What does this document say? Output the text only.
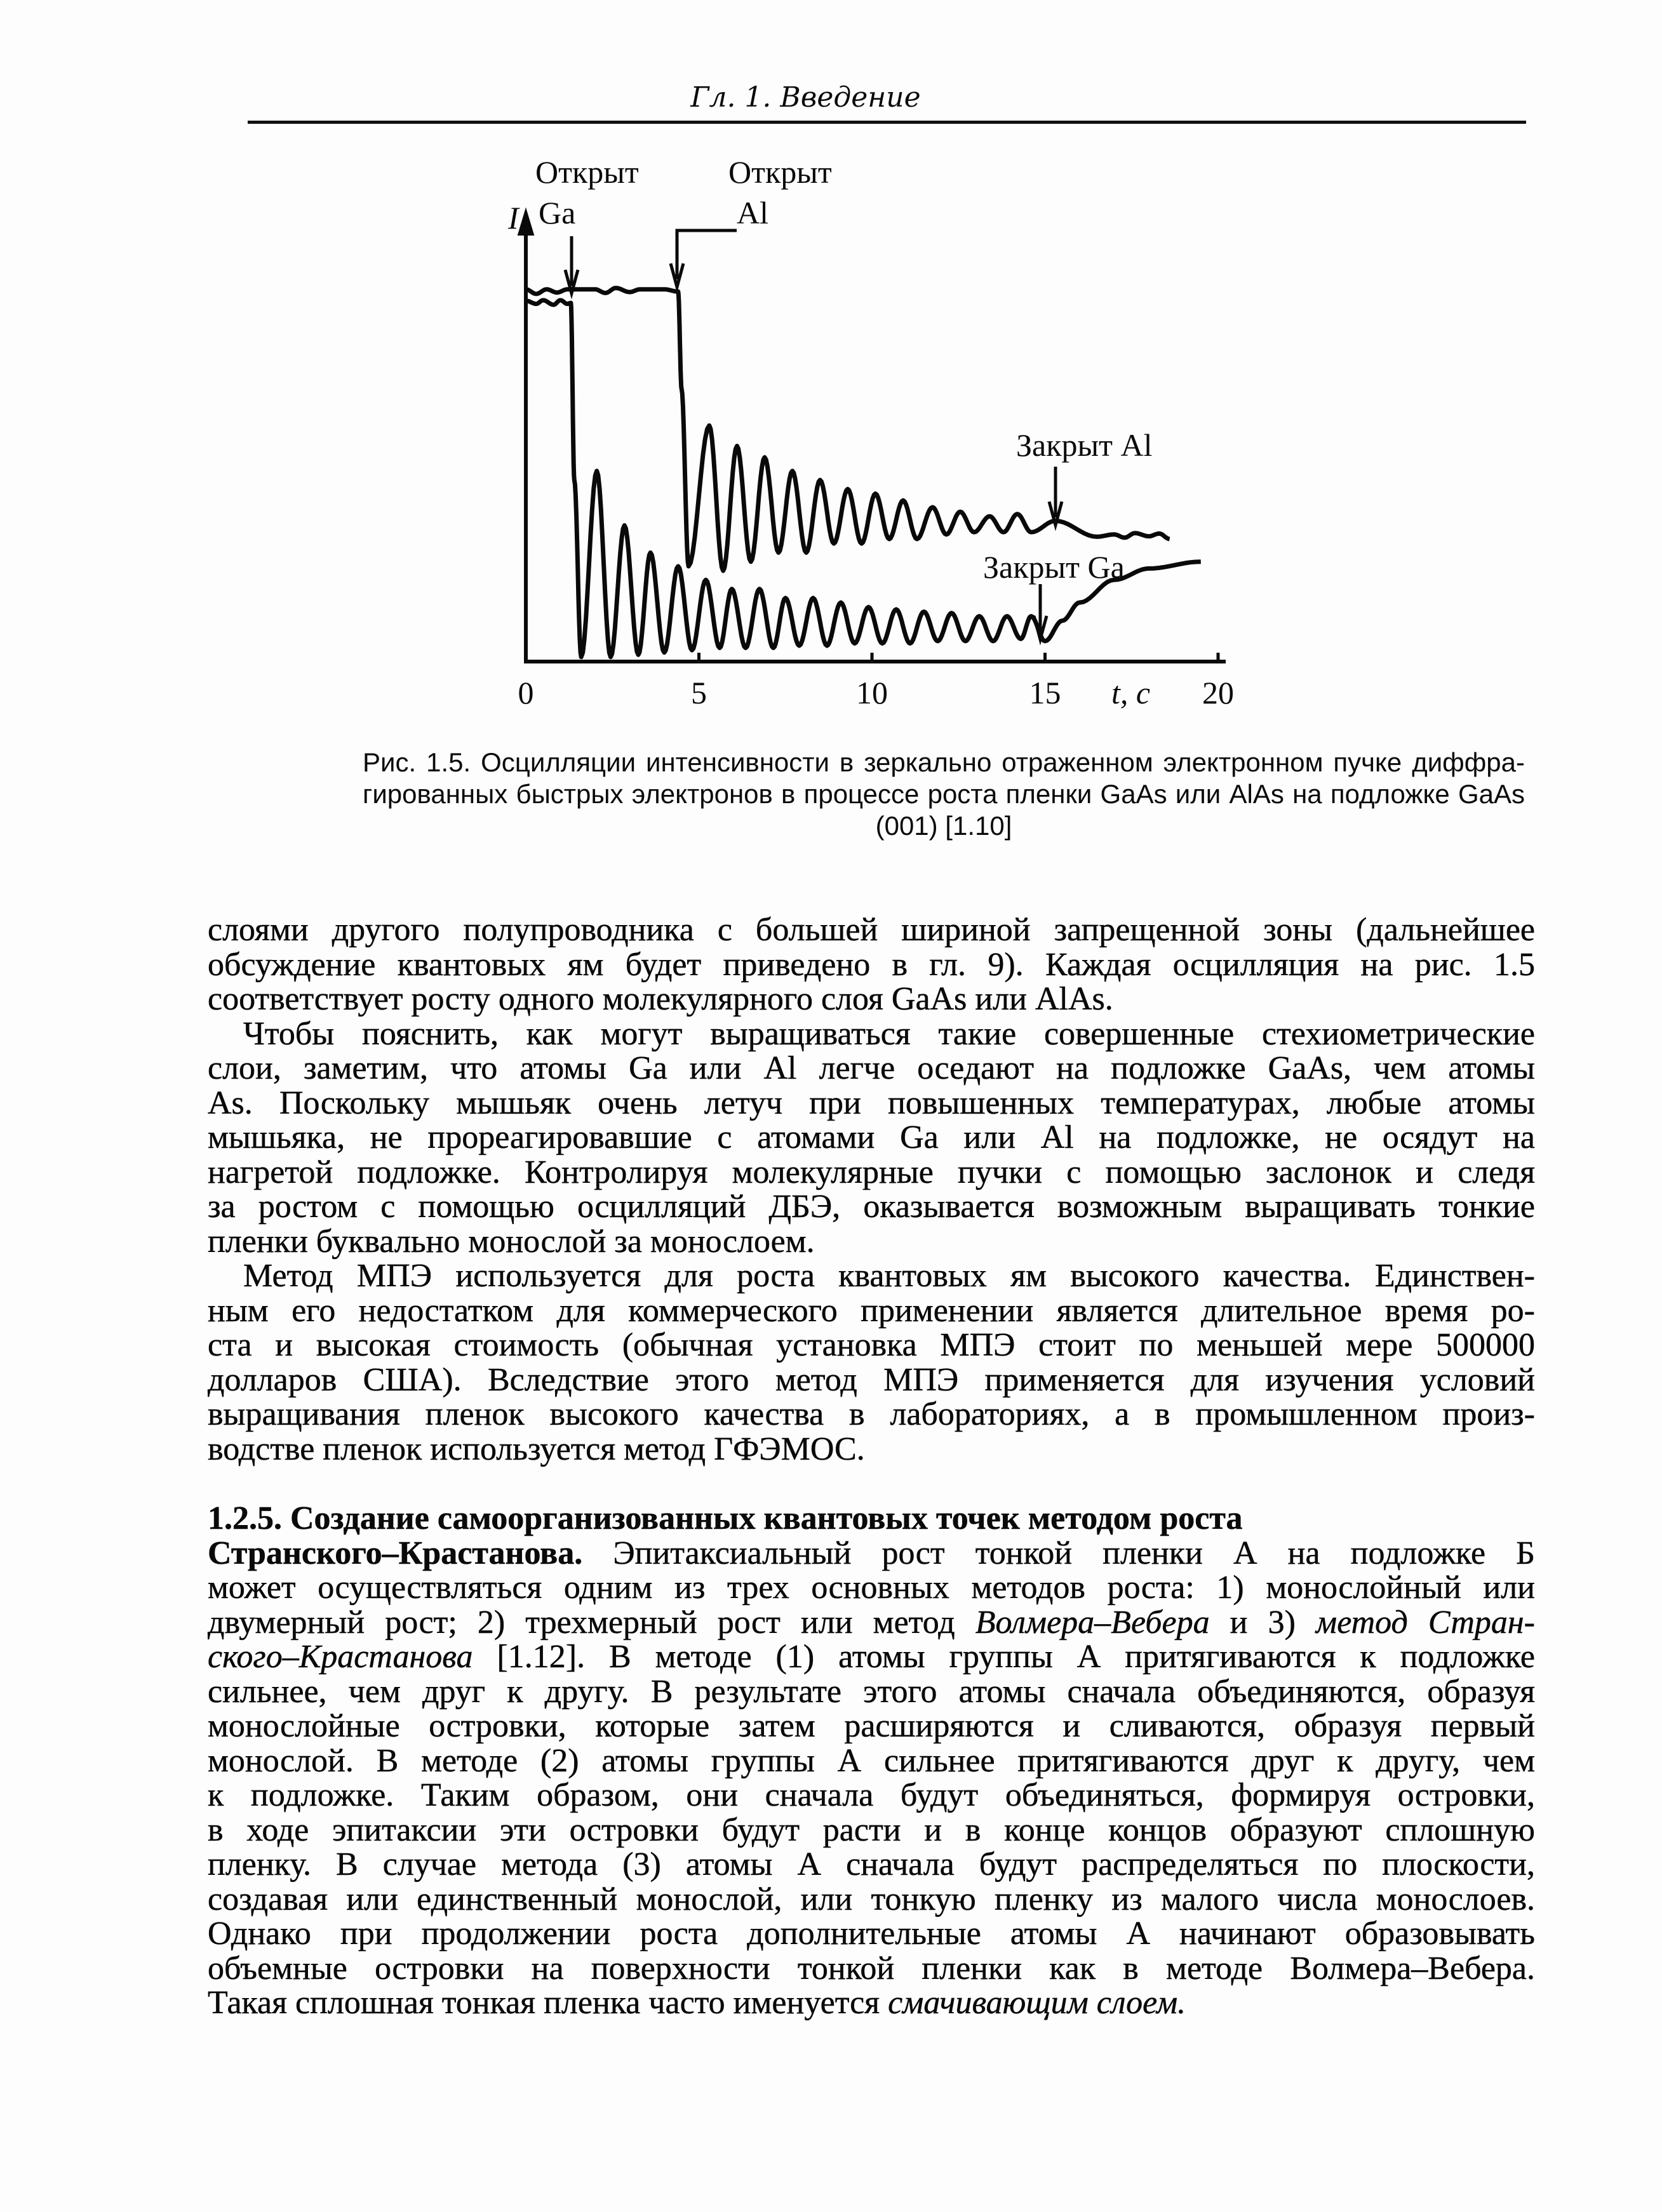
Гл. 1. Введение
0	5	10	15	20
t, c
I
Открыт
Ga
Открыт
Al
Закрыт Al
Закрыт Ga
Рис. 1.5. Осцилляции интенсивности в зеркально отраженном электронном пучке диффра-
гированных быстрых электронов в процессе роста пленки GaAs или AlAs на подложке GaAs
(001) [1.10]
слоями другого полупроводника с большей шириной запрещенной зоны (дальнейшее
обсуждение квантовых ям будет приведено в гл. 9). Каждая осцилляция на рис. 1.5
соответствует росту одного молекулярного слоя GaAs или AlAs.
Чтобы пояснить, как могут выращиваться такие совершенные стехиометрические
слои, заметим, что атомы Ga или Al легче оседают на подложке GaAs, чем атомы
As. Поскольку мышьяк очень летуч при повышенных температурах, любые атомы
мышьяка, не прореагировавшие с атомами Ga или Al на подложке, не осядут на
нагретой подложке. Контролируя молекулярные пучки с помощью заслонок и следя
за ростом с помощью осцилляций ДБЭ, оказывается возможным выращивать тонкие
пленки буквально монослой за монослоем.
Метод МПЭ используется для роста квантовых ям высокого качества. Единствен-
ным его недостатком для коммерческого применении является длительное время ро-
ста и высокая стоимость (обычная установка МПЭ стоит по меньшей мере 500000
долларов США). Вследствие этого метод МПЭ применяется для изучения условий
выращивания пленок высокого качества в лабораториях, а в промышленном произ-
водстве пленок используется метод ГФЭМОС.
1.2.5. Создание самоорганизованных квантовых точек методом роста
Странского–Крастанова. Эпитаксиальный рост тонкой пленки А на подложке Б
может осуществляться одним из трех основных методов роста: 1) монослойный или
двумерный рост; 2) трехмерный рост или метод Волмера–Вебера и 3) метод Стран-
ского–Крастанова [1.12]. В методе (1) атомы группы А притягиваются к подложке
сильнее, чем друг к другу. В результате этого атомы сначала объединяются, образуя
монослойные островки, которые затем расширяются и сливаются, образуя первый
монослой. В методе (2) атомы группы А сильнее притягиваются друг к другу, чем
к подложке. Таким образом, они сначала будут объединяться, формируя островки,
в ходе эпитаксии эти островки будут расти и в конце концов образуют сплошную
пленку. В случае метода (3) атомы А сначала будут распределяться по плоскости,
создавая или единственный монослой, или тонкую пленку из малого числа монослоев.
Однако при продолжении роста дополнительные атомы А начинают образовывать
объемные островки на поверхности тонкой пленки как в методе Волмера–Вебера.
Такая сплошная тонкая пленка часто именуется смачивающим слоем.
